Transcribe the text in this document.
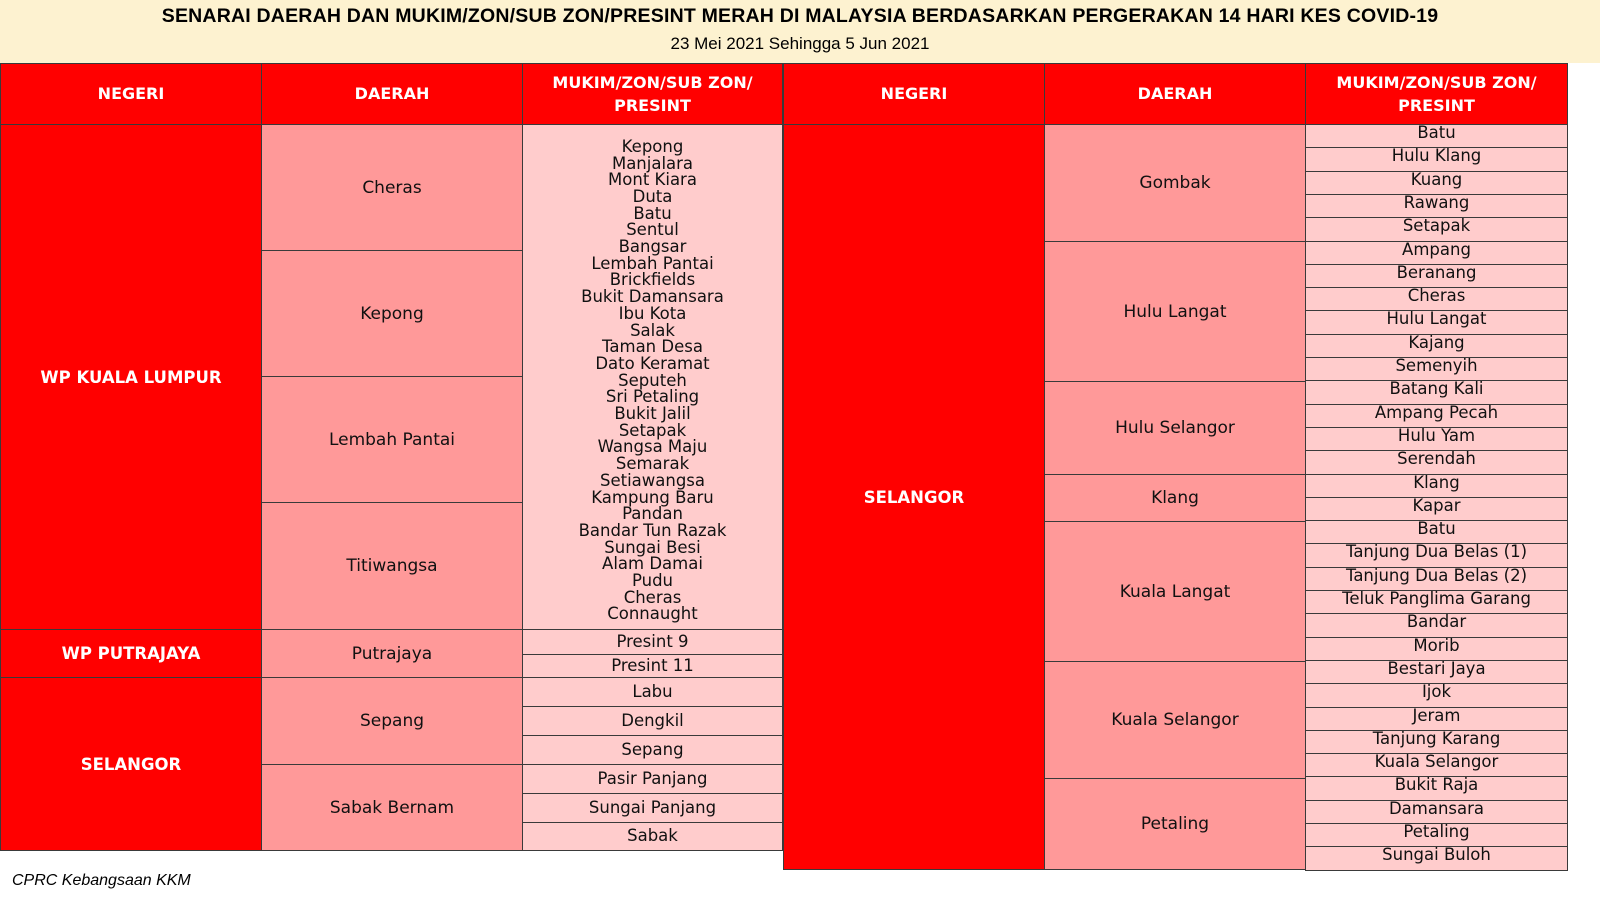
SENARAI DAERAH DAN MUKIM/ZON/SUB ZON/PRESINT MERAH DI MALAYSIA BERDASARKAN PERGERAKAN 14 HARI KES COVID-19
23 Mei 2021 Sehingga 5 Jun 2021
NEGERI	DAERAH
MUKIM/ZON/SUB ZON/ PRESINT
NEGERI	DAERAH
MUKIM/ZON/SUB ZON/ PRESINT
WP KUALA LUMPUR
WP PUTRAJAYA
SELANGOR
Cheras
Kepong
Lembah Pantai
Titiwangsa
Putrajaya
Sepang
Sabak Bernam
Kepong
Manjalara
Mont Kiara
Duta
Batu
Sentul
Bangsar
Lembah Pantai
Brickfields
Bukit Damansara
Ibu Kota
Salak
Taman Desa
Dato Keramat
Seputeh
Sri Petaling
Bukit Jalil
Setapak
Wangsa Maju
Semarak
Setiawangsa
Kampung Baru
Pandan
Bandar Tun Razak
Sungai Besi
Alam Damai
Pudu
Cheras
Connaught
Presint 9
Presint 11
Labu
Dengkil
Sepang
Pasir Panjang
Sungai Panjang
Sabak
SELANGOR
Gombak
Hulu Langat
Hulu Selangor
Klang
Kuala Langat
Kuala Selangor
Petaling
Batu
Hulu Klang
Kuang
Rawang
Setapak
Ampang
Beranang
Cheras
Hulu Langat
Kajang
Semenyih
Batang Kali
Ampang Pecah
Hulu Yam
Serendah
Klang
Kapar
Batu
Tanjung Dua Belas (1)
Tanjung Dua Belas (2)
Teluk Panglima Garang
Bandar
Morib
Bestari Jaya
Ijok
Jeram
Tanjung Karang
Kuala Selangor
Bukit Raja
Damansara
Petaling
Sungai Buloh
CPRC Kebangsaan KKM
